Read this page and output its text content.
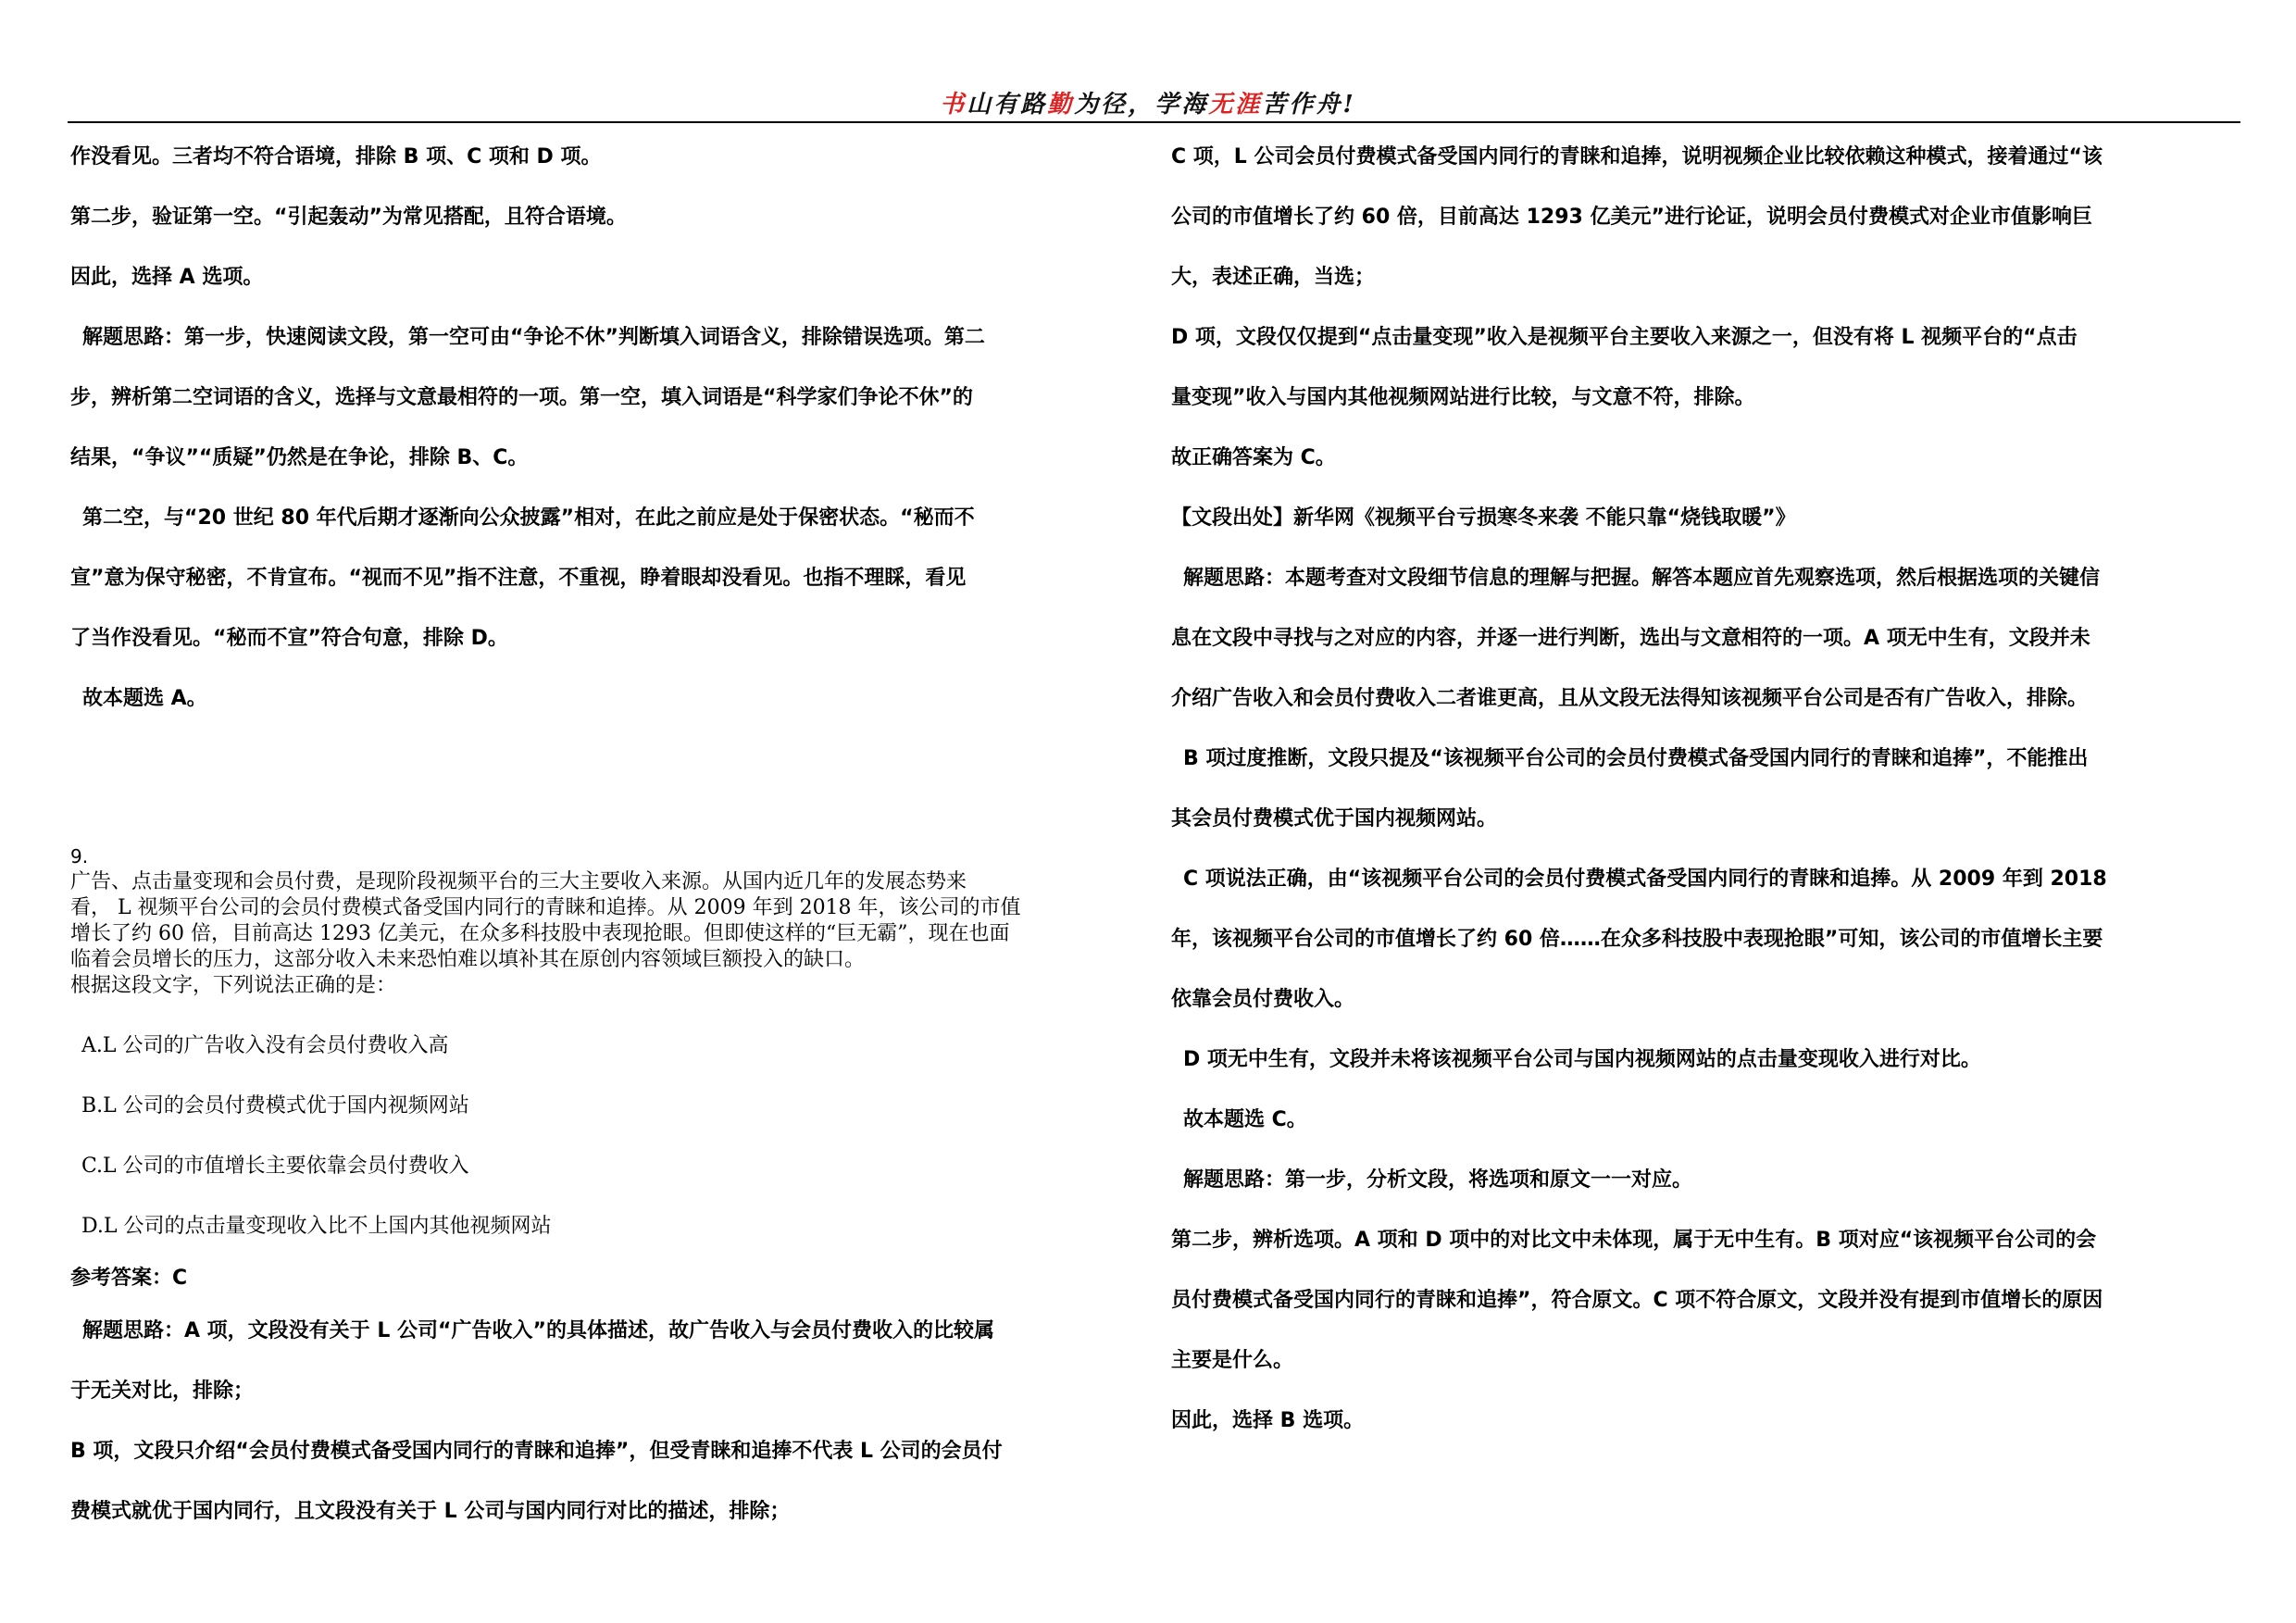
书山有路勤为径，学海无涯苦作舟!

作没看见。三者均不符合语境，排除 B 项、C 项和 D 项。

第二步，验证第一空。“引起轰动”为常见搭配，且符合语境。

因此，选择 A 选项。

解题思路：第一步，快速阅读文段，第一空可由“争论不休”判断填入词语含义，排除错误选项。第二

步，辨析第二空词语的含义，选择与文意最相符的一项。第一空，填入词语是“科学家们争论不休”的

结果，“争议”“质疑”仍然是在争论，排除 B、C。

第二空，与“20 世纪 80 年代后期才逐渐向公众披露”相对，在此之前应是处于保密状态。“秘而不

宣”意为保守秘密，不肯宣布。“视而不见”指不注意，不重视，睁着眼却没看见。也指不理睬，看见

了当作没看见。“秘而不宣”符合句意，排除 D。

故本题选 A。

9.

广告、点击量变现和会员付费，是现阶段视频平台的三大主要收入来源。从国内近几年的发展态势来

看， L 视频平台公司的会员付费模式备受国内同行的青睐和追捧。从 2009 年到 2018 年，该公司的市值

增长了约 60 倍，目前高达 1293 亿美元，在众多科技股中表现抢眼。但即使这样的“巨无霸”，现在也面

临着会员增长的压力，这部分收入未来恐怕难以填补其在原创内容领域巨额投入的缺口。

根据这段文字，下列说法正确的是：

A.L 公司的广告收入没有会员付费收入高
B.L 公司的会员付费模式优于国内视频网站
C.L 公司的市值增长主要依靠会员付费收入
D.L 公司的点击量变现收入比不上国内其他视频网站

参考答案：C

解题思路：A 项，文段没有关于 L 公司“广告收入”的具体描述，故广告收入与会员付费收入的比较属

于无关对比，排除；

B 项，文段只介绍“会员付费模式备受国内同行的青睐和追捧”，但受青睐和追捧不代表 L 公司的会员付

费模式就优于国内同行，且文段没有关于 L 公司与国内同行对比的描述，排除；

C 项，L 公司会员付费模式备受国内同行的青睐和追捧，说明视频企业比较依赖这种模式，接着通过“该

公司的市值增长了约 60 倍，目前高达 1293 亿美元”进行论证，说明会员付费模式对企业市值影响巨

大，表述正确，当选；

D 项，文段仅仅提到“点击量变现”收入是视频平台主要收入来源之一，但没有将 L 视频平台的“点击

量变现”收入与国内其他视频网站进行比较，与文意不符，排除。

故正确答案为 C。

【文段出处】新华网《视频平台亏损寒冬来袭 不能只靠“烧钱取暖”》

解题思路：本题考查对文段细节信息的理解与把握。解答本题应首先观察选项，然后根据选项的关键信

息在文段中寻找与之对应的内容，并逐一进行判断，选出与文意相符的一项。A 项无中生有，文段并未

介绍广告收入和会员付费收入二者谁更高，且从文段无法得知该视频平台公司是否有广告收入，排除。

B 项过度推断，文段只提及“该视频平台公司的会员付费模式备受国内同行的青睐和追捧”，不能推出

其会员付费模式优于国内视频网站。

C 项说法正确，由“该视频平台公司的会员付费模式备受国内同行的青睐和追捧。从 2009 年到 2018

年，该视频平台公司的市值增长了约 60 倍……在众多科技股中表现抢眼”可知，该公司的市值增长主要

依靠会员付费收入。

D 项无中生有，文段并未将该视频平台公司与国内视频网站的点击量变现收入进行对比。

故本题选 C。

解题思路：第一步，分析文段，将选项和原文一一对应。

第二步，辨析选项。A 项和 D 项中的对比文中未体现，属于无中生有。B 项对应“该视频平台公司的会

员付费模式备受国内同行的青睐和追捧”，符合原文。C 项不符合原文，文段并没有提到市值增长的原因

主要是什么。

因此，选择 B 选项。
